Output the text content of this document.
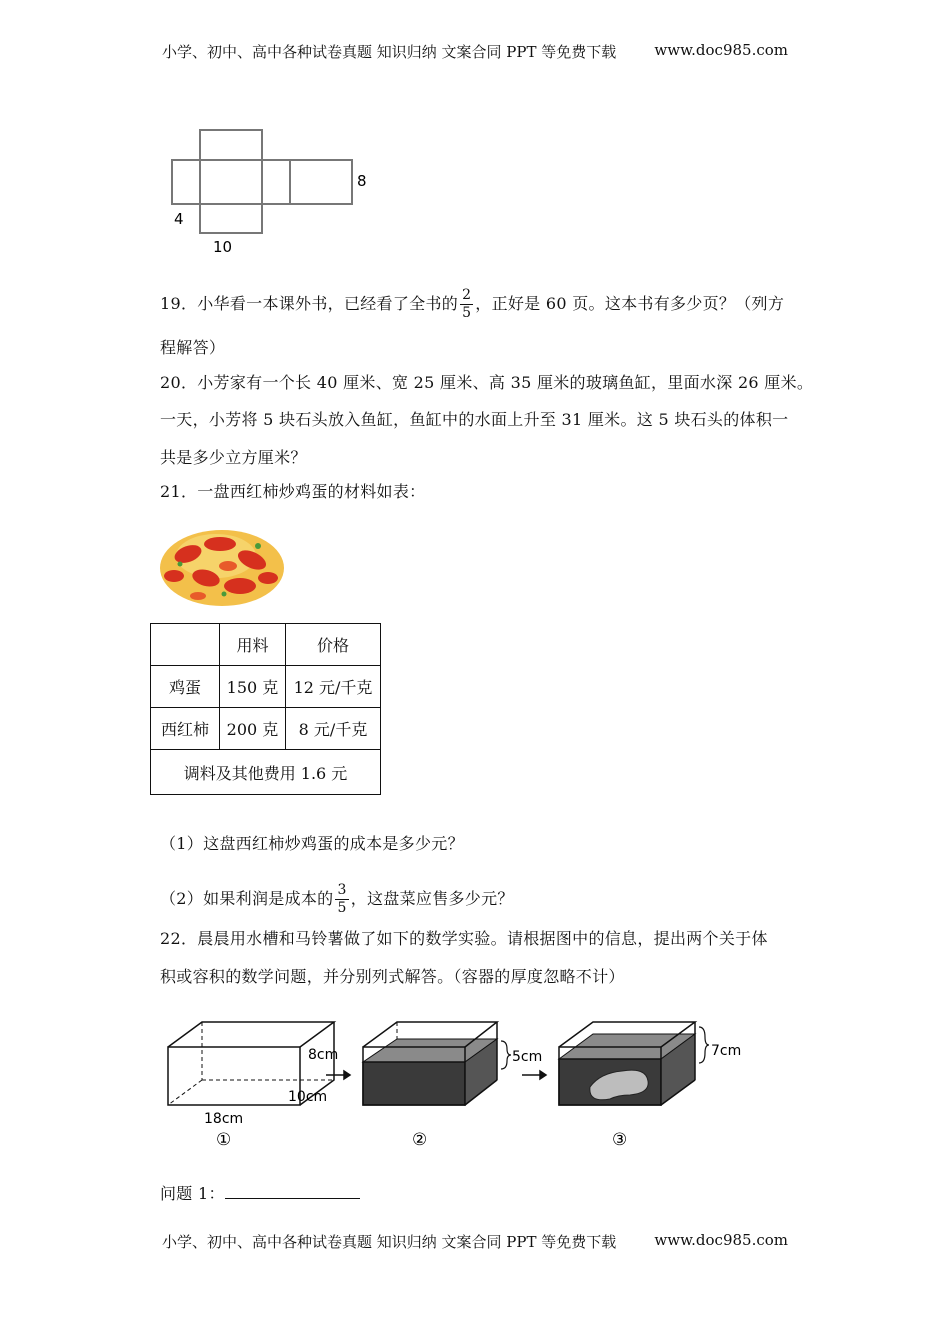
小学、初中、高中各种试卷真题 知识归纳 文案合同 PPT 等免费下载	www.doc985.com
8
4
10
19．小华看一本课外书，已经看了全书的 $\frac{2}{5}$ ，正好是 60 页。这本书有多少页？（列方
程解答）
20．小芳家有一个长 40 厘米、宽 25 厘米、高 35 厘米的玻璃鱼缸，里面水深 26 厘米。
一天，小芳将 5 块石头放入鱼缸，鱼缸中的水面上升至 31 厘米。这 5 块石头的体积一
共是多少立方厘米？
21．一盘西红柿炒鸡蛋的材料如表：
	用料	价格
鸡蛋	150 克	12 元/千克
西红柿	200 克	8 元/千克
调料及其他费用 1.6 元		
（1）这盘西红柿炒鸡蛋的成本是多少元？
（2）如果利润是成本的 $\frac{3}{5}$ ，这盘菜应售多少元？
22．晨晨用水槽和马铃薯做了如下的数学实验。请根据图中的信息，提出两个关于体
积或容积的数学问题，并分别列式解答。（容器的厚度忽略不计）
8cm
10cm
18cm
①
5cm
②
7cm
③
问题 1：
小学、初中、高中各种试卷真题 知识归纳 文案合同 PPT 等免费下载	www.doc985.com
